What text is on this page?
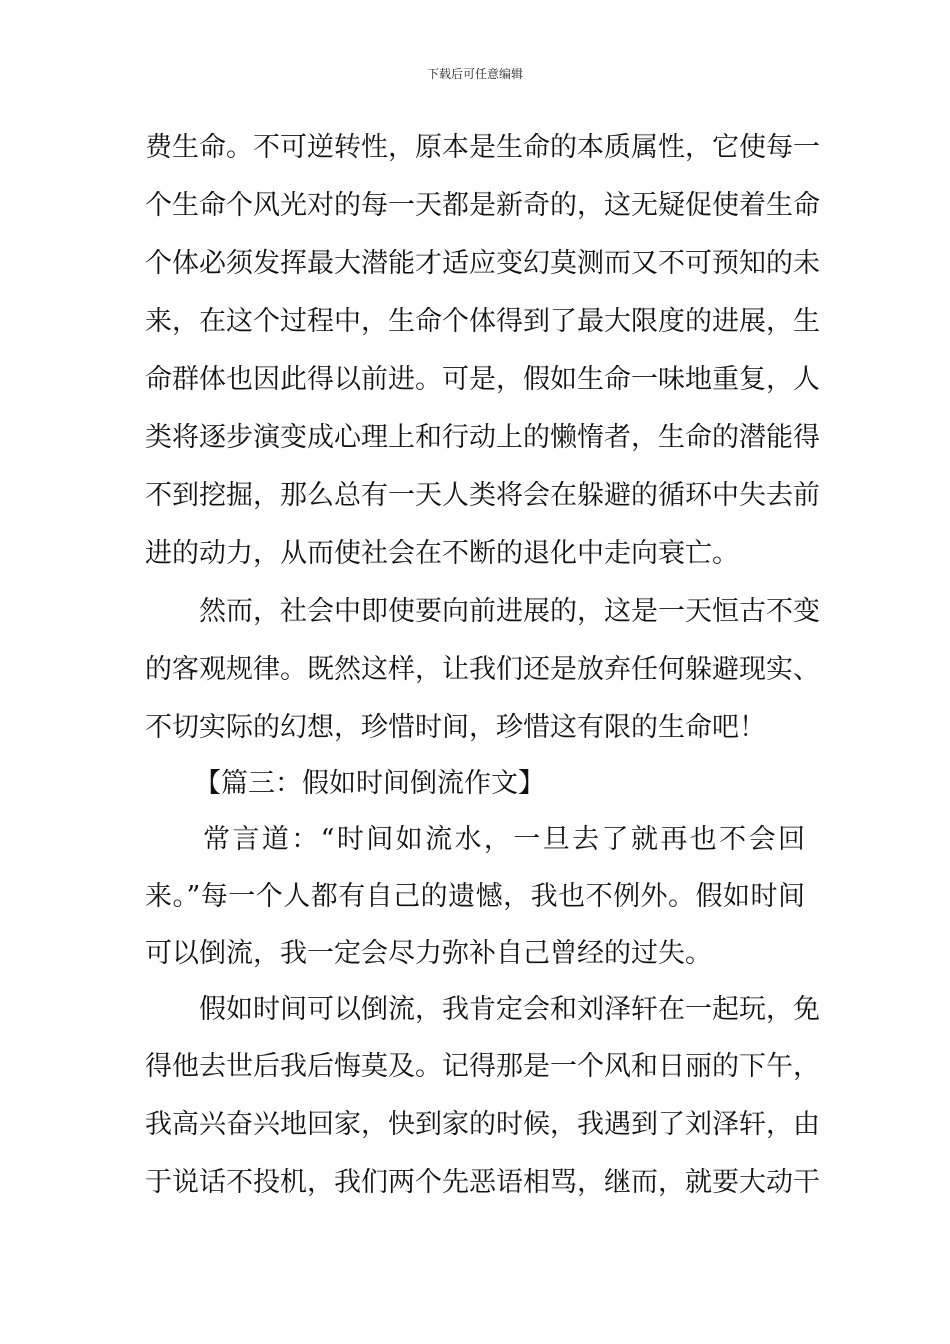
下载后可任意编辑
费生命。不可逆转性，原本是生命的本质属性，它使每一
个生命个风光对的每一天都是新奇的，这无疑促使着生命
个体必须发挥最大潜能才适应变幻莫测而又不可预知的未
来，在这个过程中，生命个体得到了最大限度的进展，生
命群体也因此得以前进。可是，假如生命一味地重复，人
类将逐步演变成心理上和行动上的懒惰者，生命的潜能得
不到挖掘，那么总有一天人类将会在躲避的循环中失去前
进的动力，从而使社会在不断的退化中走向衰亡。
然而，社会中即使要向前进展的，这是一天恒古不变
的客观规律。既然这样，让我们还是放弃任何躲避现实、
不切实际的幻想，珍惜时间，珍惜这有限的生命吧！
【篇三：假如时间倒流作文】
常言道：“时间如流水，一旦去了就再也不会回
来。”每一个人都有自己的遗憾，我也不例外。假如时间
可以倒流，我一定会尽力弥补自己曾经的过失。
假如时间可以倒流，我肯定会和刘泽轩在一起玩，免
得他去世后我后悔莫及。记得那是一个风和日丽的下午，
我高兴奋兴地回家，快到家的时候，我遇到了刘泽轩，由
于说话不投机，我们两个先恶语相骂，继而，就要大动干
